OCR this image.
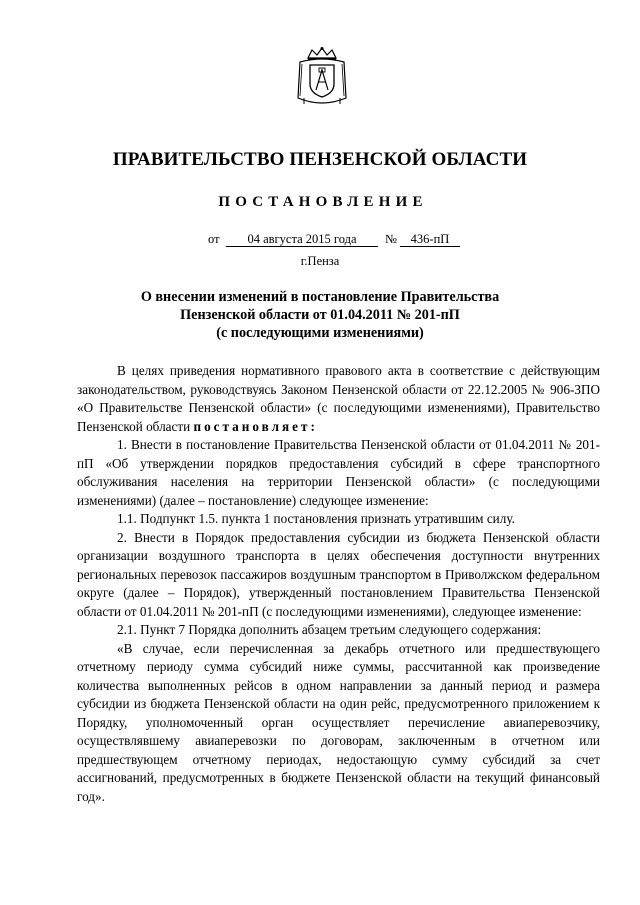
ПРАВИТЕЛЬСТВО ПЕНЗЕНСКОЙ ОБЛАСТИ
ПОСТАНОВЛЕНИЕ
от	04 августа 2015 года	№	436-пП
г.Пенза
О внесении изменений в постановление Правительства
Пензенской области от 01.04.2011 № 201-пП
(с последующими изменениями)

В целях приведения нормативного правового акта в соответствие с действующим законодательством, руководствуясь Законом Пензенской области от 22.12.2005 № 906-ЗПО «О Правительстве Пензенской области» (с последующими изменениями), Правительство Пензенской области постановляет:

1. Внести в постановление Правительства Пензенской области от 01.04.2011 № 201-пП «Об утверждении порядков предоставления субсидий в сфере транспортного обслуживания населения на территории Пензенской области» (с последующими изменениями) (далее – постановление) следующее изменение:

1.1. Подпункт 1.5. пункта 1 постановления признать утратившим силу.

2. Внести в Порядок предоставления субсидии из бюджета Пензенской области организации воздушного транспорта в целях обеспечения доступности внутренних региональных перевозок пассажиров воздушным транспортом в Приволжском федеральном округе (далее – Порядок), утвержденный постановлением Правительства Пензенской области от 01.04.2011 № 201-пП (с последующими изменениями), следующее изменение:

2.1. Пункт 7 Порядка дополнить абзацем третьим следующего содержания:

«В случае, если перечисленная за декабрь отчетного или предшествующего отчетному периоду сумма субсидий ниже суммы, рассчитанной как произведение количества выполненных рейсов в одном направлении за данный период и размера субсидии из бюджета Пензенской области на один рейс, предусмотренного приложением к Порядку, уполномоченный орган осуществляет перечисление авиаперевозчику, осуществлявшему авиаперевозки по договорам, заключенным в отчетном или предшествующем отчетному периодах, недостающую сумму субсидий за счет ассигнований, предусмотренных в бюджете Пензенской области на текущий финансовый год».
